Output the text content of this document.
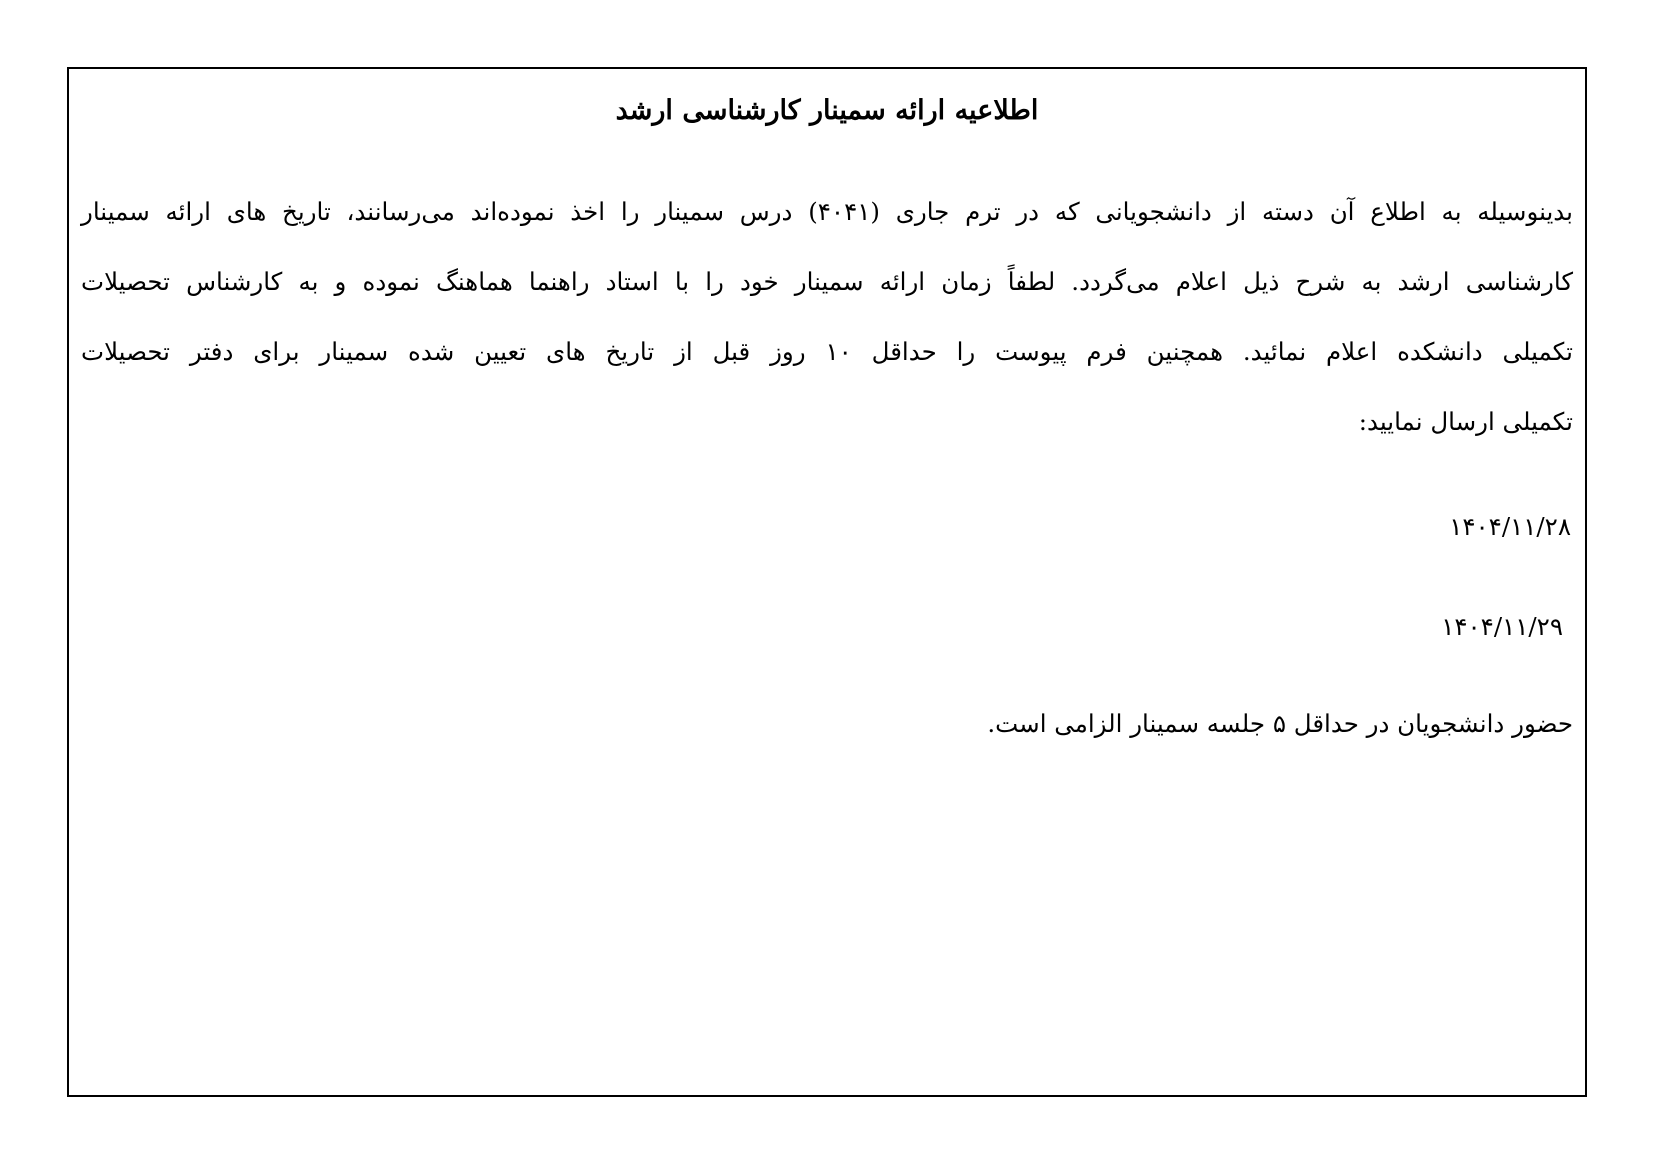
اطلاعیه ارائه سمینار کارشناسی ارشد
بدینوسیله به اطلاع آن دسته از دانشجویانی که در ترم جاری (۴۰۴۱) درس سمینار را اخذ نموده‌اند می‌رسانند، تاریخ های ارائه سمینار
کارشناسی ارشد به شرح ذیل اعلام می‌گردد. لطفاً زمان ارائه سمینار خود را با استاد راهنما هماهنگ نموده و به کارشناس تحصیلات
تکمیلی دانشکده اعلام نمائید. همچنین فرم پیوست را حداقل ۱۰ روز قبل از تاریخ های تعیین شده سمینار برای دفتر تحصیلات
تکمیلی ارسال نمایید:
۱۴۰۴/۱۱/۲۸
۱۴۰۴/۱۱/۲۹
حضور دانشجویان در حداقل ۵ جلسه سمینار الزامی است.
